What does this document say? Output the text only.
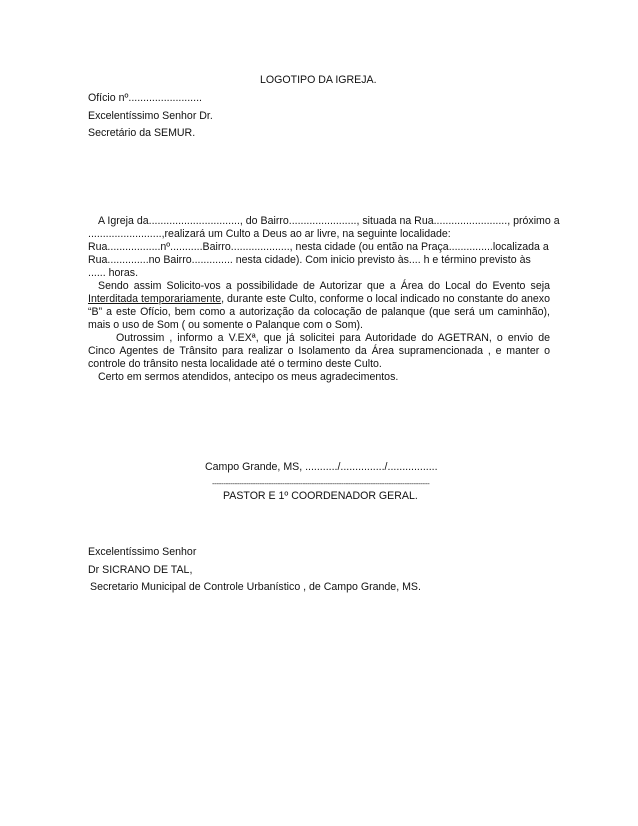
LOGOTIPO DA IGREJA.
Ofício nº.........................
Excelentíssimo Senhor Dr.
Secretário da SEMUR.
A Igreja da..............................., do Bairro......................., situada na Rua........................., próximo a
.........................,realizará um Culto a Deus ao ar livre, na seguinte localidade:
Rua..................nº...........Bairro...................., nesta cidade (ou então na Praça...............localizada a
Rua..............no Bairro.............. nesta cidade). Com inicio previsto às.... h e término previsto às
...... horas.

Sendo assim Solicito-vos a possibilidade de Autorizar que a Área do Local do Evento seja Interditada temporariamente, durante este Culto, conforme o local indicado no constante do anexo “B” a este Ofício, bem como a autorização da colocação de palanque (que será um caminhão), mais o uso de Som ( ou somente o Palanque com o Som).

Outrossim , informo a V.EXª, que já solicitei para Autoridade do AGETRAN, o envio de Cinco Agentes de Trânsito para realizar o Isolamento da Área supramencionada , e manter o controle do trânsito nesta localidade até o termino deste Culto.

Certo em sermos atendidos, antecipo os meus agradecimentos.

Campo Grande, MS, .........../.............../.................
------------------------------------------------------------------------------------------------
PASTOR E 1º COORDENADOR GERAL.
Excelentíssimo Senhor
Dr SICRANO DE TAL,
Secretario Municipal de Controle Urbanístico , de Campo Grande, MS.
